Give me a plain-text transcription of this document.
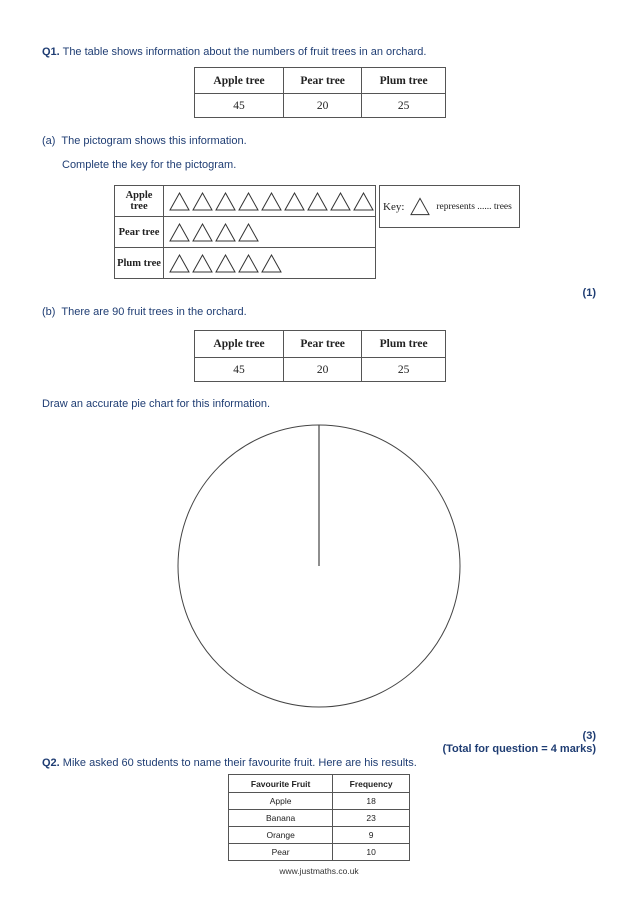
Q1. The table shows information about the numbers of fruit trees in an orchard.
Apple tree	Pear tree	Plum tree
45	20	25
(a) The pictogram shows this information.
Complete the key for the pictogram.
Apple tree	

Pear tree	

Plum tree	
Key:	represents ...... trees
(1)
(b) There are 90 fruit trees in the orchard.
Apple tree	Pear tree	Plum tree
45	20	25
Draw an accurate pie chart for this information.
(3)
(Total for question = 4 marks)
Q2. Mike asked 60 students to name their favourite fruit. Here are his results.
Favourite Fruit	Frequency
Apple	18
Banana	23
Orange	9
Pear	10
www.justmaths.co.uk
